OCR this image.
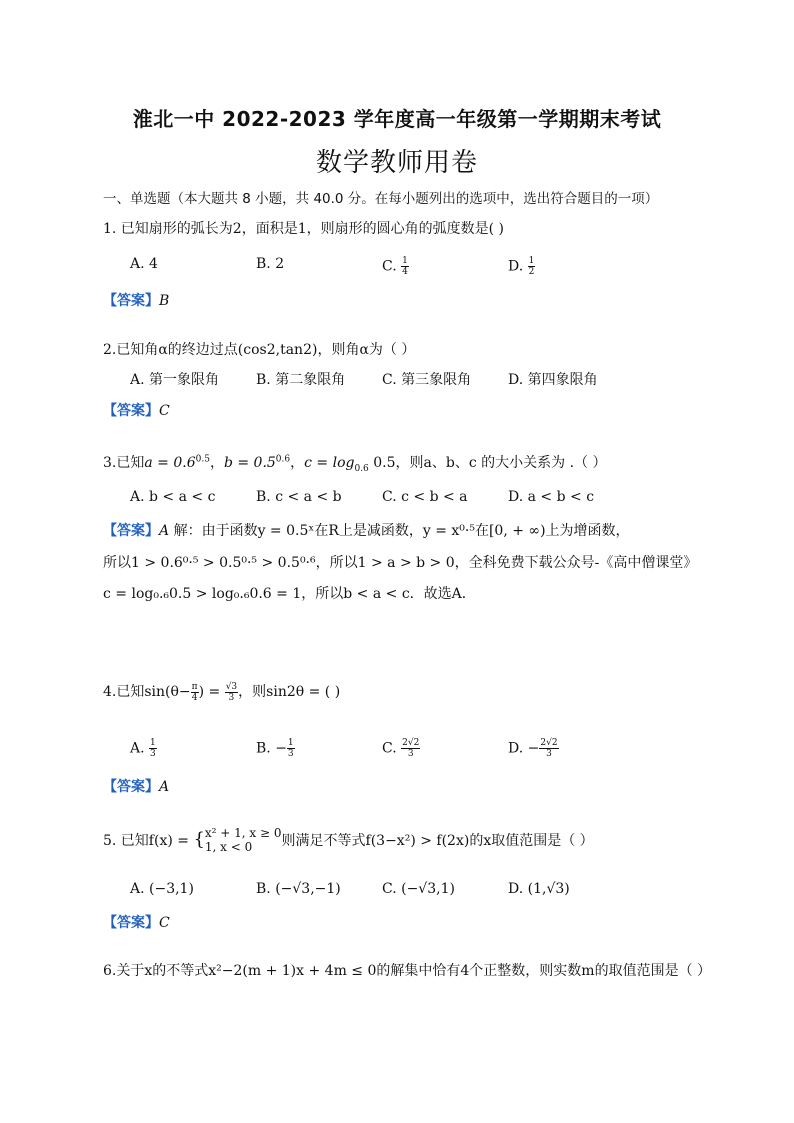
淮北一中 2022-2023 学年度高一年级第一学期期末考试
数学教师用卷
一、单选题（本大题共 8 小题，共 40.0 分。在每小题列出的选项中，选出符合题目的一项）
1. 已知扇形的弧长为2，面积是1，则扇形的圆心角的弧度数是( )
A. 4	B. 2	C. $\frac{1}{4}$	D. $\frac{1}{2}$
【答案】B
2.已知角α的终边过点(cos2,tan2)，则角α为（ ）
A. 第一象限角	B. 第二象限角	C. 第三象限角	D. 第四象限角
【答案】C
3.已知$a = 0.6^{0.5}$，$b = 0.5^{0.6}$，$c = \log_{0.6} 0.5$，则a、b、c 的大小关系为 .（ ）
A. b < a < c	B. c < a < b	C. c < b < a	D. a < b < c
【答案】A 解：由于函数y = 0.5ˣ在R上是减函数，y = x⁰·⁵在[0, + ∞)上为增函数，
所以1 > 0.6⁰·⁵ > 0.5⁰·⁵ > 0.5⁰·⁶，所以1 > a > b > 0，全科免费下载公众号-《高中僧课堂》
c = log₀.₆0.5 > log₀.₆0.6 = 1，所以b < a < c．故选A．
4.已知$\sin(\theta- \frac{\pi}{4}$ ) = $\frac{√3}{3}$ ，则sin2θ = ( )
A. $\frac{1}{3}$	B. − $\frac{1}{3}$	C. $\frac{2√2}{3}$	D. − $\frac{2√2}{3}$
【答案】A
5. 已知f(x) = { x² + 1, x ≥ 0
1, x < 0	则满足不等式f(3−x²) > f(2x)的x取值范围是（ ）
A. (−3,1)	B. (−√3,−1)	C. (−√3,1)	D. (1,√3)
【答案】C
6.关于x的不等式x²−2(m + 1)x + 4m ≤ 0的解集中恰有4个正整数，则实数m的取值范围是（ ）
